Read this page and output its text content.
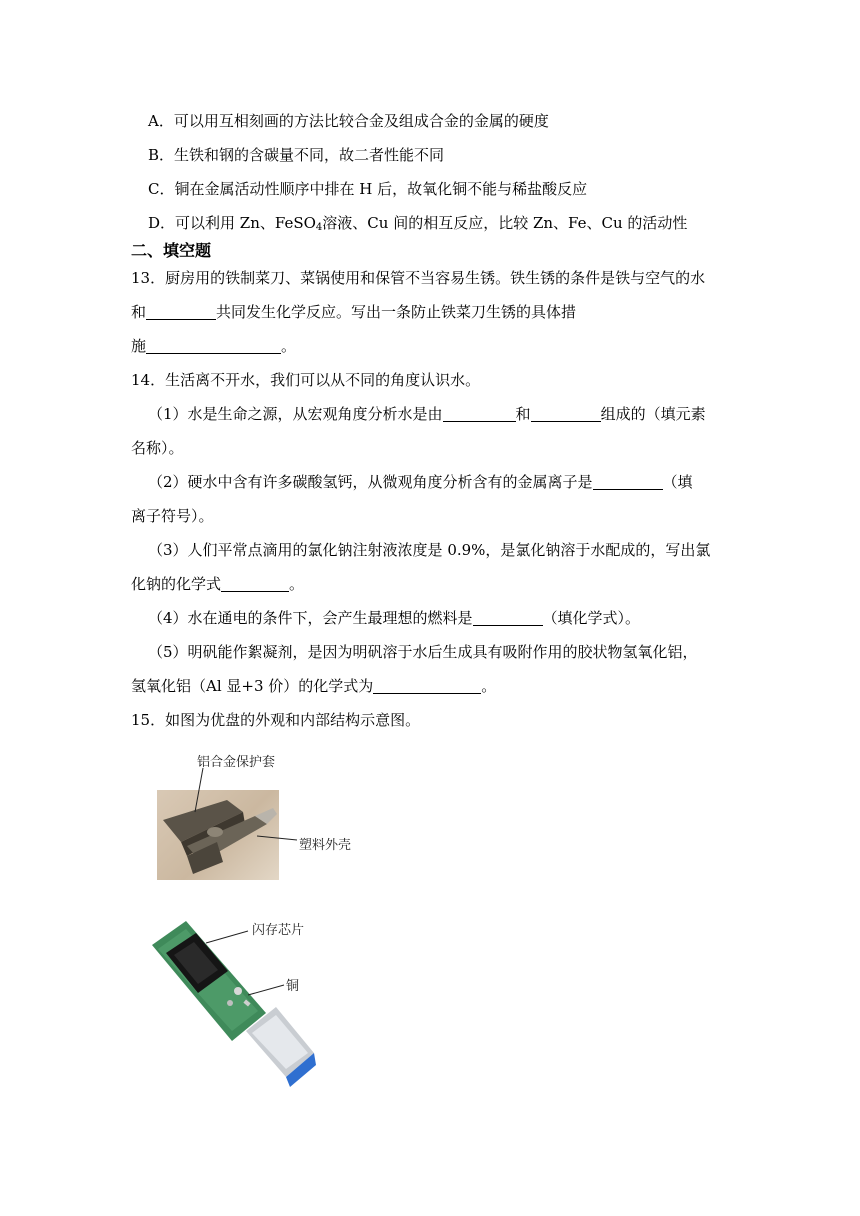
A．可以用互相刻画的方法比较合金及组成合金的金属的硬度
B．生铁和钢的含碳量不同，故二者性能不同
C．铜在金属活动性顺序中排在 H 后，故氧化铜不能与稀盐酸反应
D．可以利用 Zn、FeSO$_4$溶液、Cu 间的相互反应，比较 Zn、Fe、Cu 的活动性
二、填空题
13．厨房用的铁制菜刀、菜锅使用和保管不当容易生锈。铁生锈的条件是铁与空气的水
和	共同发生化学反应。写出一条防止铁菜刀生锈的具体措
施	。
14．生活离不开水，我们可以从不同的角度认识水。
（1）水是生命之源，从宏观角度分析水是由	和	组成的（填元素
名称）。
（2）硬水中含有许多碳酸氢钙，从微观角度分析含有的金属离子是	（填
离子符号）。
（3）人们平常点滴用的氯化钠注射液浓度是 0.9%，是氯化钠溶于水配成的，写出氯
化钠的化学式	。
（4）水在通电的条件下，会产生最理想的燃料是	（填化学式）。
（5）明矾能作絮凝剂，是因为明矾溶于水后生成具有吸附作用的胶状物氢氧化铝，
氢氧化铝（Al 显+3 价）的化学式为	。
15．如图为优盘的外观和内部结构示意图。
铝合金保护套
塑料外壳
闪存芯片
铜
